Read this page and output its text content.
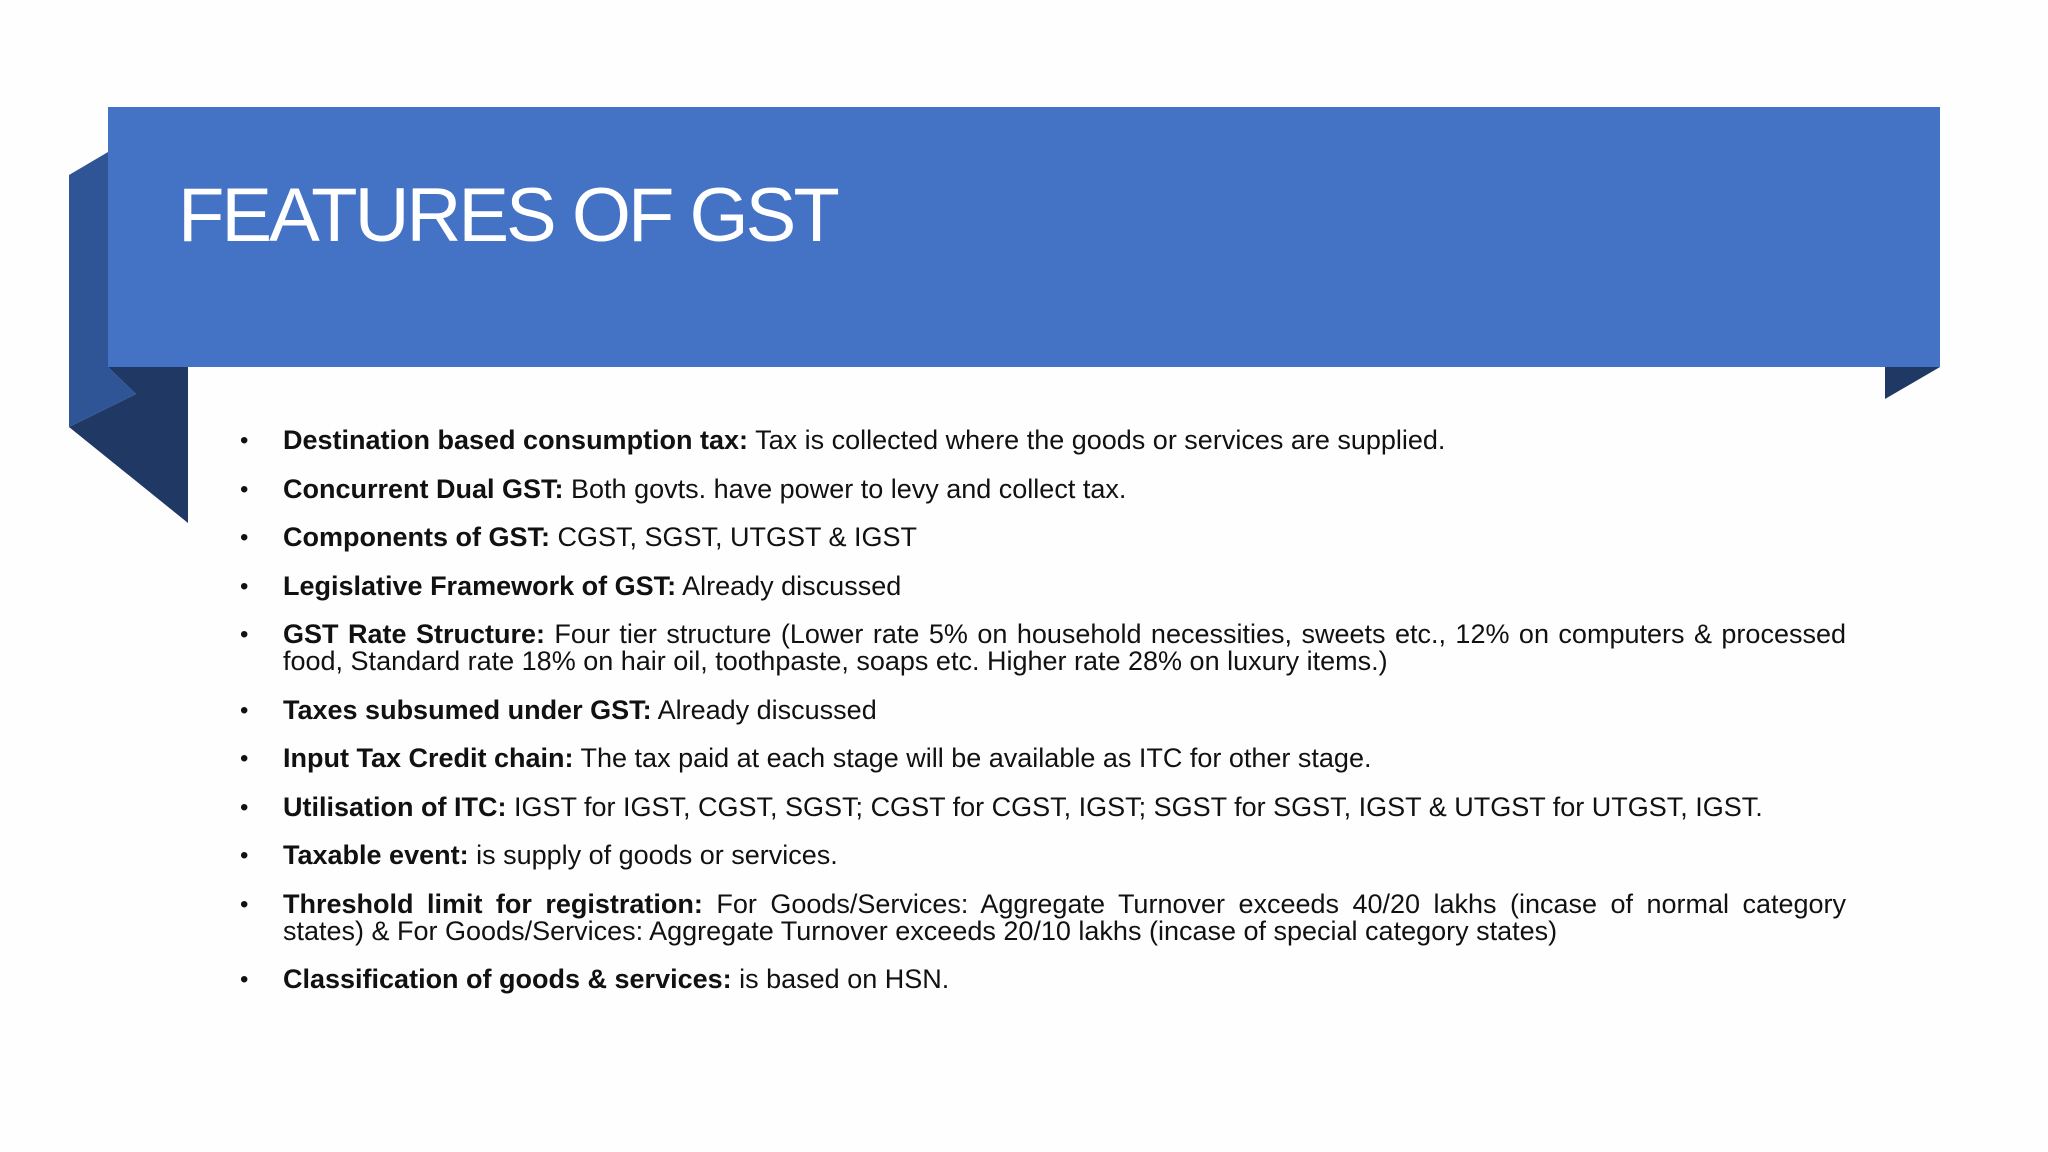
FEATURES OF GST
• Destination based consumption tax: Tax is collected where the goods or services are supplied.
• Concurrent Dual GST: Both govts. have power to levy and collect tax.
• Components of GST: CGST, SGST, UTGST & IGST
• Legislative Framework of GST: Already discussed
• GST Rate Structure: Four tier structure (Lower rate 5% on household necessities, sweets etc., 12% on computers & processed food, Standard rate 18% on hair oil, toothpaste, soaps etc. Higher rate 28% on luxury items.)
• Taxes subsumed under GST: Already discussed
• Input Tax Credit chain: The tax paid at each stage will be available as ITC for other stage.
• Utilisation of ITC: IGST for IGST, CGST, SGST; CGST for CGST, IGST; SGST for SGST, IGST & UTGST for UTGST, IGST.
• Taxable event: is supply of goods or services.
• Threshold limit for registration: For Goods/Services: Aggregate Turnover exceeds 40/20 lakhs (incase of normal category states) & For Goods/Services: Aggregate Turnover exceeds 20/10 lakhs (incase of special category states)
• Classification of goods & services: is based on HSN.
